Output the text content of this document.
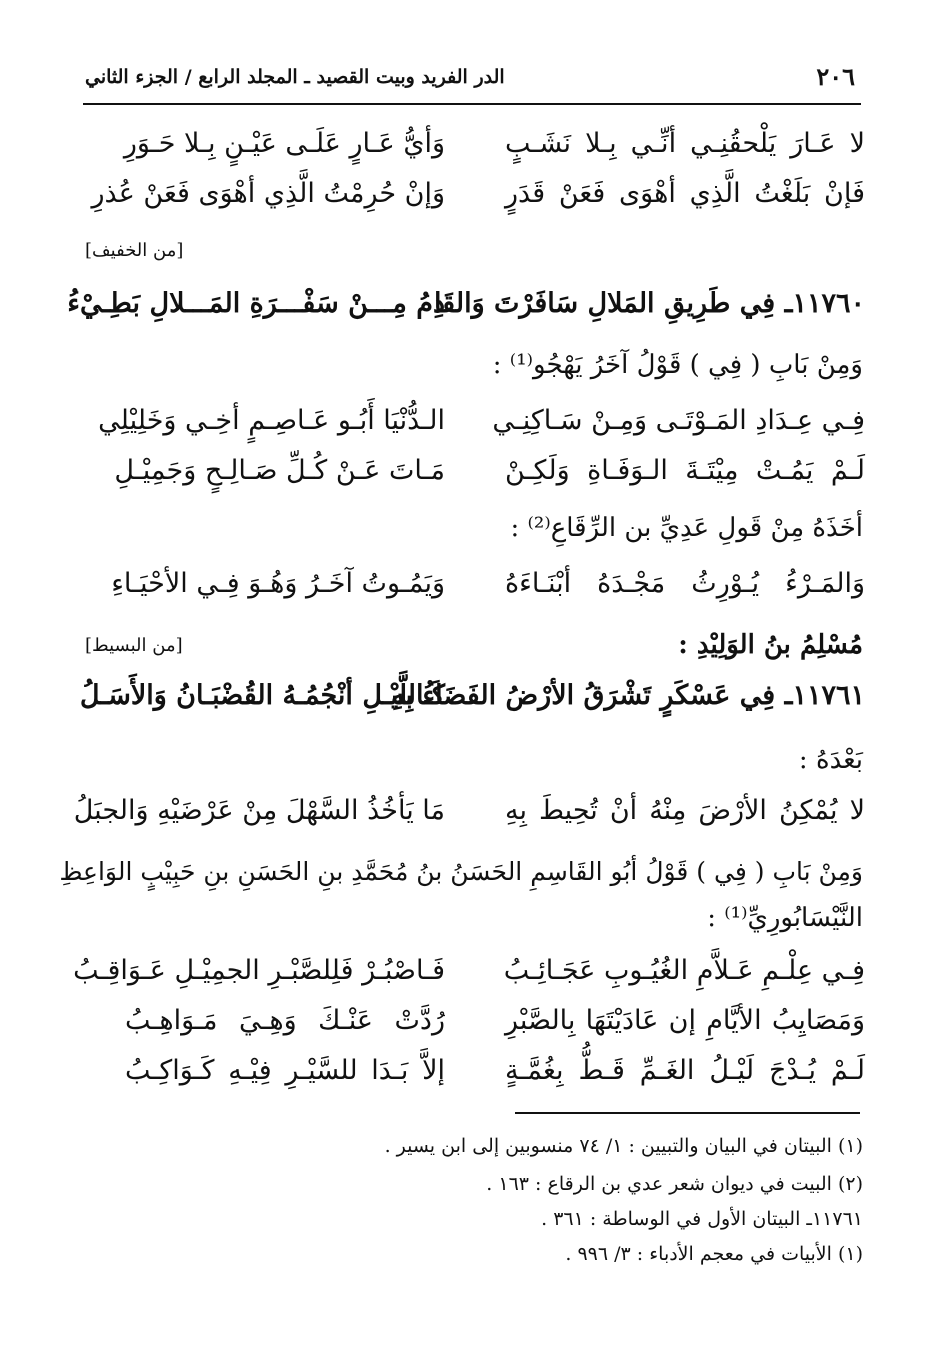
٢٠٦
الدر الفريد وبيت القصيد ـ المجلد الرابع / الجزء الثاني
لا عَـارَ يَلْحقُنِـي أنِّـي بِـلا نَشَـبٍ
وَأيُّ عَـارٍ عَلَـى عَيْـنٍ بِـلا حَـوَرِ
فَإنْ بَلَغْتُ الَّذِي أهْوَى فَعَنْ قَدَرٍ
وَإنْ حُرِمْتُ الَّذِي أهْوَى فَعَنْ عُذرِ
[من الخفيف]
١١٧٦٠ـ فِي طَرِيقِ المَلالِ سَافَرْتَ وَالقَا
دِمُ مِـــنْ سَفْـــرَةِ المَـــلالِ بَطِـيْءُ
وَمِنْ بَابِ ( فِي ) قَوْلُ آخَرُ يَهْجُو⁽¹⁾ :
فِـي عِـدَادِ المَـوْتَـى وَمِـنْ سَـاكِنِـي
الـدُّنْيَا أَبُـو عَـاصِـمٍ أخِـي وَخَلِيْلِي
لَـمْ يَمُـتْ مِيْتَـةَ الـوَفَـاةِ وَلَكِـنْ
مَـاتَ عَـنْ كُـلِّ صَـالِـحٍ وَجَمِيْـلِ
أخَذَهُ مِنْ قَولِ عَدِيِّ بن الرِّقَاعِ⁽²⁾ :
وَالمَـرْءُ يُـوْرِثُ مَجْـدَهُ أبْنَـاءَهُ
وَيَمُـوتُ آخَـرُ وَهُـوَ فِـي الأحْيَـاءِ
مُسْلِمُ بنُ الوَلِيْدِ :
[من البسيط]
١١٧٦١ـ فِي عَسْكَرٍ تَشْرَقُ الأرْضُ الفَضَاءُ بِهِ
كَـاللَّيْـلِ أنْجُمُـهُ القُضْبَـانُ وَالأَسَـلُ
بَعْدَهُ :
لا يُمْكِنُ الأرْضَ مِنْهُ أنْ تُحِيطَ بِهِ
مَا يَأخُذُ السَّهْلَ مِنْ عَرْضَيْهِ وَالجبَلُ
وَمِنْ بَابِ ( فِي ) قَوْلُ أبُو القَاسِمِ الحَسَنُ بنُ مُحَمَّدِ بنِ الحَسَنِ بنِ حَبِيْبٍ الوَاعِظِ
النَّيْسَابُورِيِّ⁽¹⁾ :
فِـي عِلْـمِ عَـلاَّمِ الغُيُـوبِ عَجَـائِـبُ
فَـاصْبُـرْ فَلِلصَّبْـرِ الجمِيْـلِ عَـوَاقِـبُ
وَمَصَايِبُ الأيَّامِ إن عَادَيْتَهَا بِالصَّبْرِ
رُدَّتْ عَنْـكَ وَهِـيَ مَـوَاهِـبُ
لَـمْ يُـدْجَ لَيْـلُ الغَـمِّ قَـطُّ بِغُمَّـةٍ
إلاَّ بَـدَا للسَّيْـرِ فِيْـهِ كَـوَاكِـبُ
(١) البيتان في البيان والتبيين : ١/ ٧٤ منسوبين إلى ابن يسير .
(٢) البيت في ديوان شعر عدي بن الرقاع : ١٦٣ .
١١٧٦١ـ البيتان الأول في الوساطة : ٣٦١ .
(١) الأبيات في معجم الأدباء : ٣/ ٩٩٦ .
